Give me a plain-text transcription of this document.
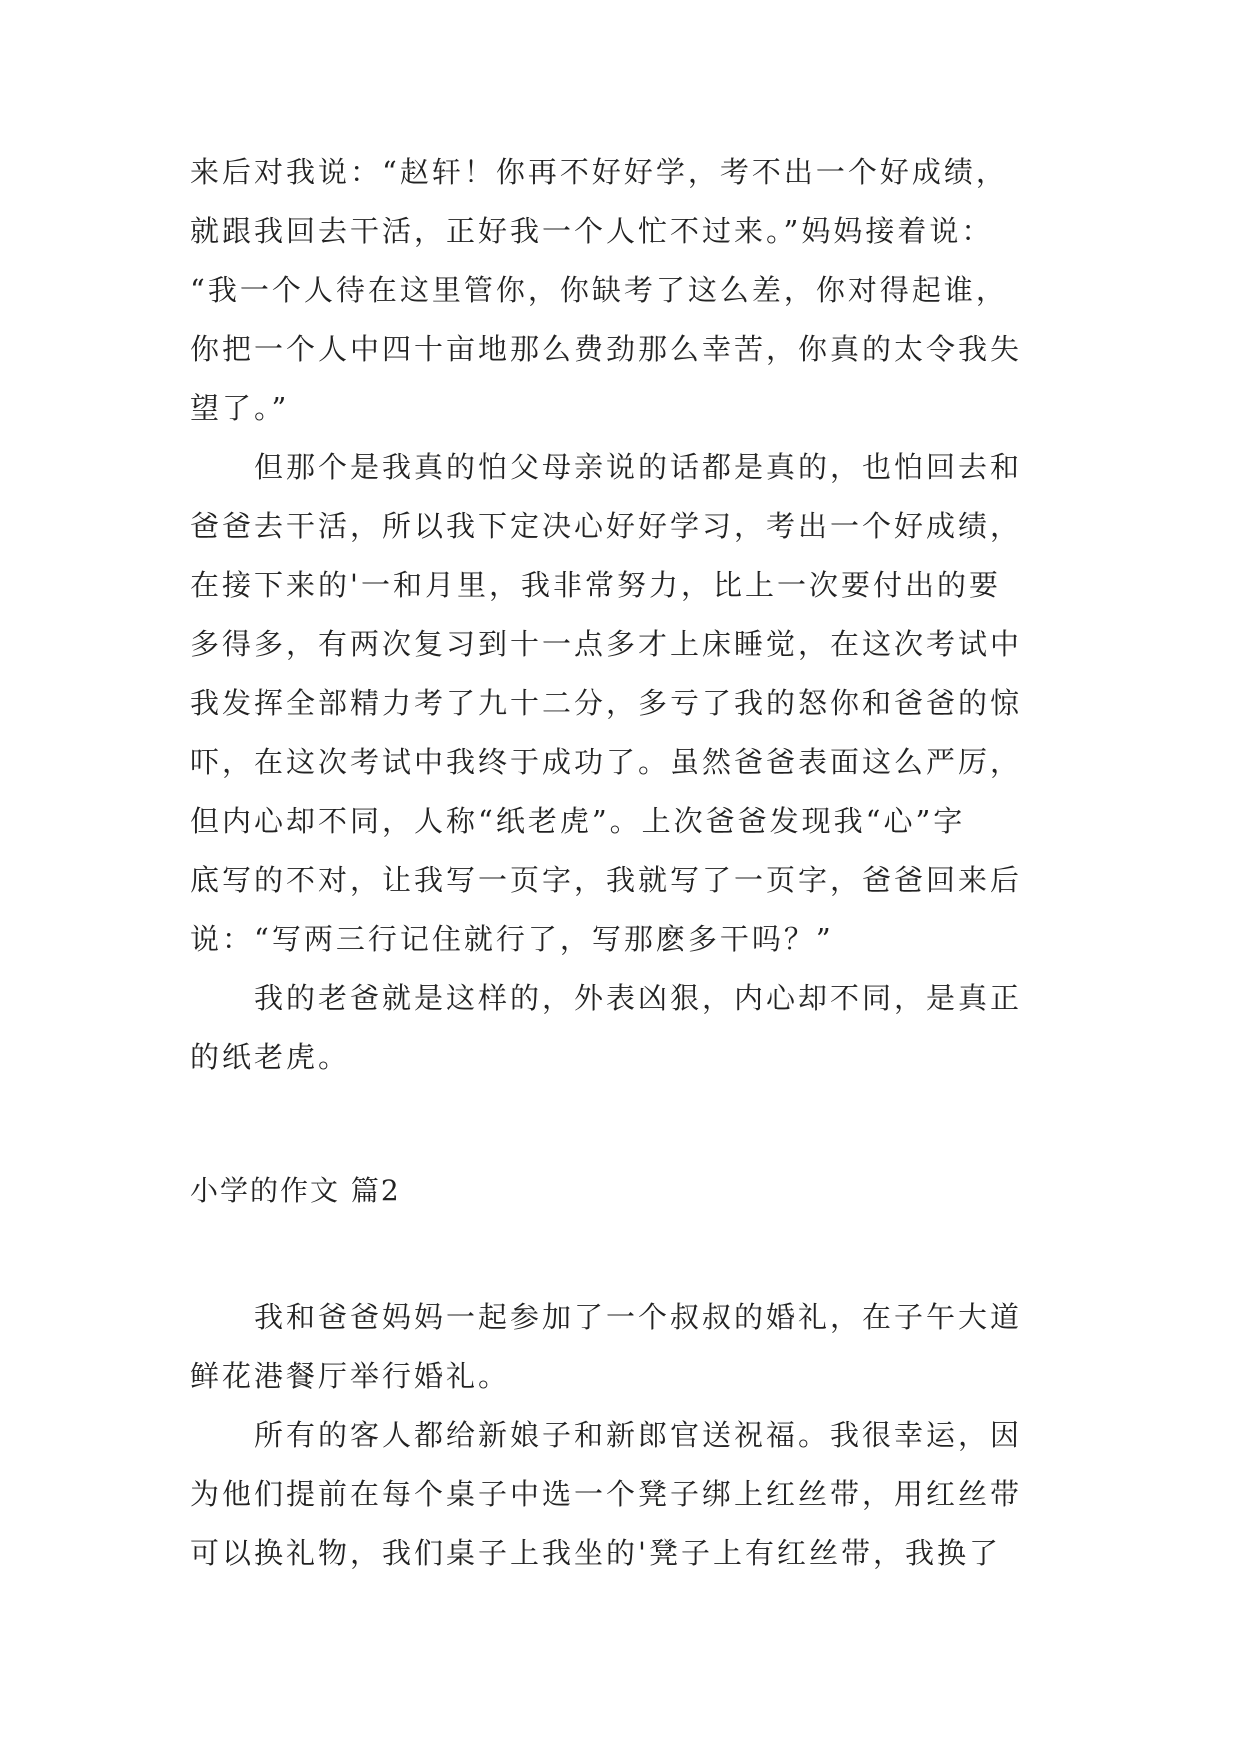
来后对我说：“赵轩！你再不好好学，考不出一个好成绩，
就跟我回去干活，正好我一个人忙不过来。”妈妈接着说：
“我一个人待在这里管你，你缺考了这么差，你对得起谁，
你把一个人中四十亩地那么费劲那么幸苦，你真的太令我失
望了。”
但那个是我真的怕父母亲说的话都是真的，也怕回去和
爸爸去干活，所以我下定决心好好学习，考出一个好成绩，
在接下来的'一和月里，我非常努力，比上一次要付出的要
多得多，有两次复习到十一点多才上床睡觉，在这次考试中
我发挥全部精力考了九十二分，多亏了我的怒你和爸爸的惊
吓，在这次考试中我终于成功了。虽然爸爸表面这么严厉，
但内心却不同，人称“纸老虎”。上次爸爸发现我“心”字
底写的不对，让我写一页字，我就写了一页字，爸爸回来后
说：“写两三行记住就行了，写那麽多干吗？”
我的老爸就是这样的，外表凶狠，内心却不同，是真正
的纸老虎。
小学的作文 篇2
我和爸爸妈妈一起参加了一个叔叔的婚礼，在子午大道
鲜花港餐厅举行婚礼。
所有的客人都给新娘子和新郎官送祝福。我很幸运，因
为他们提前在每个桌子中选一个凳子绑上红丝带，用红丝带
可以换礼物，我们桌子上我坐的'凳子上有红丝带，我换了
